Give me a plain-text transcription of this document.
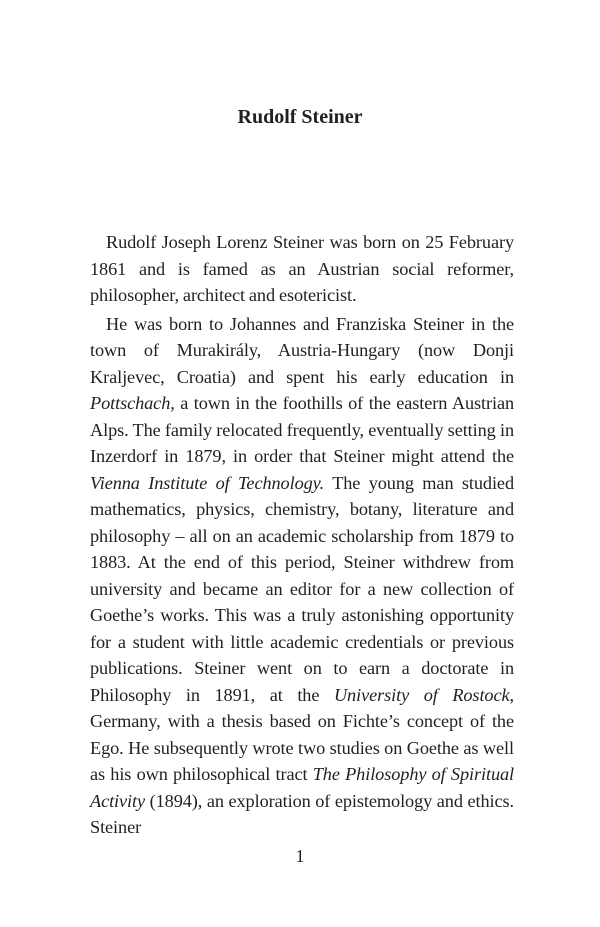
Rudolf Steiner

Rudolf Joseph Lorenz Steiner was born on 25 February 1861 and is famed as an Austrian social reformer, philosopher, architect and esotericist.

He was born to Johannes and Franziska Steiner in the town of Murakirály, Austria-Hungary (now Donji Kraljevec, Croatia) and spent his early education in Pottschach, a town in the foothills of the eastern Austrian Alps. The family relocated frequently, eventually setting in Inzerdorf in 1879, in order that Steiner might attend the Vienna Institute of Technology. The young man studied mathematics, physics, chemistry, botany, literature and philosophy – all on an academic scholarship from 1879 to 1883. At the end of this period, Steiner withdrew from university and became an editor for a new collection of Goethe’s works. This was a truly astonishing opportunity for a student with little academic credentials or previous publications. Steiner went on to earn a doctorate in Philosophy in 1891, at the University of Rostock, Germany, with a thesis based on Fichte’s concept of the Ego. He subsequently wrote two studies on Goethe as well as his own philosophical tract The Philosophy of Spiritual Activity (1894), an exploration of epistemology and ethics. Steiner

1
